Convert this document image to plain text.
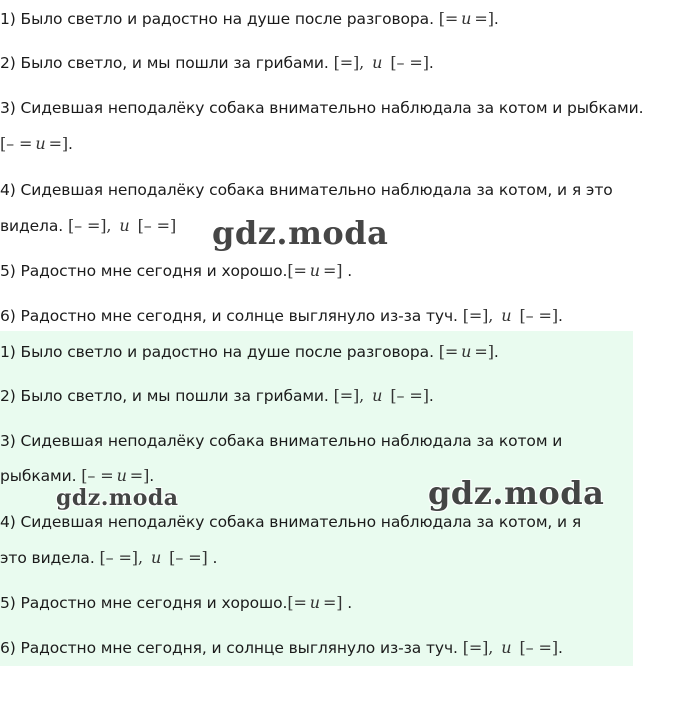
1) Было светло и радостно на душе после разговора. [= и =].
2) Было светло, и мы пошли за грибами. [=], и [– =].
3) Сидевшая неподалёку собака внимательно наблюдала за котом и рыбками.
[– = и =].
4) Сидевшая неподалёку собака внимательно наблюдала за котом, и я это
видела. [– =], и [– =]
5) Радостно мне сегодня и хорошо.[= и =] .
6) Радостно мне сегодня, и солнце выглянуло из-за туч. [=], и [– =].
1) Было светло и радостно на душе после разговора. [= и =].
2) Было светло, и мы пошли за грибами. [=], и [– =].
3) Сидевшая неподалёку собака внимательно наблюдала за котом и
рыбками. [– = и =].
4) Сидевшая неподалёку собака внимательно наблюдала за котом, и я
это видела. [– =], и [– =] .
5) Радостно мне сегодня и хорошо.[= и =] .
6) Радостно мне сегодня, и солнце выглянуло из-за туч. [=], и [– =].
gdz.moda
gdz.moda	gdz.moda
